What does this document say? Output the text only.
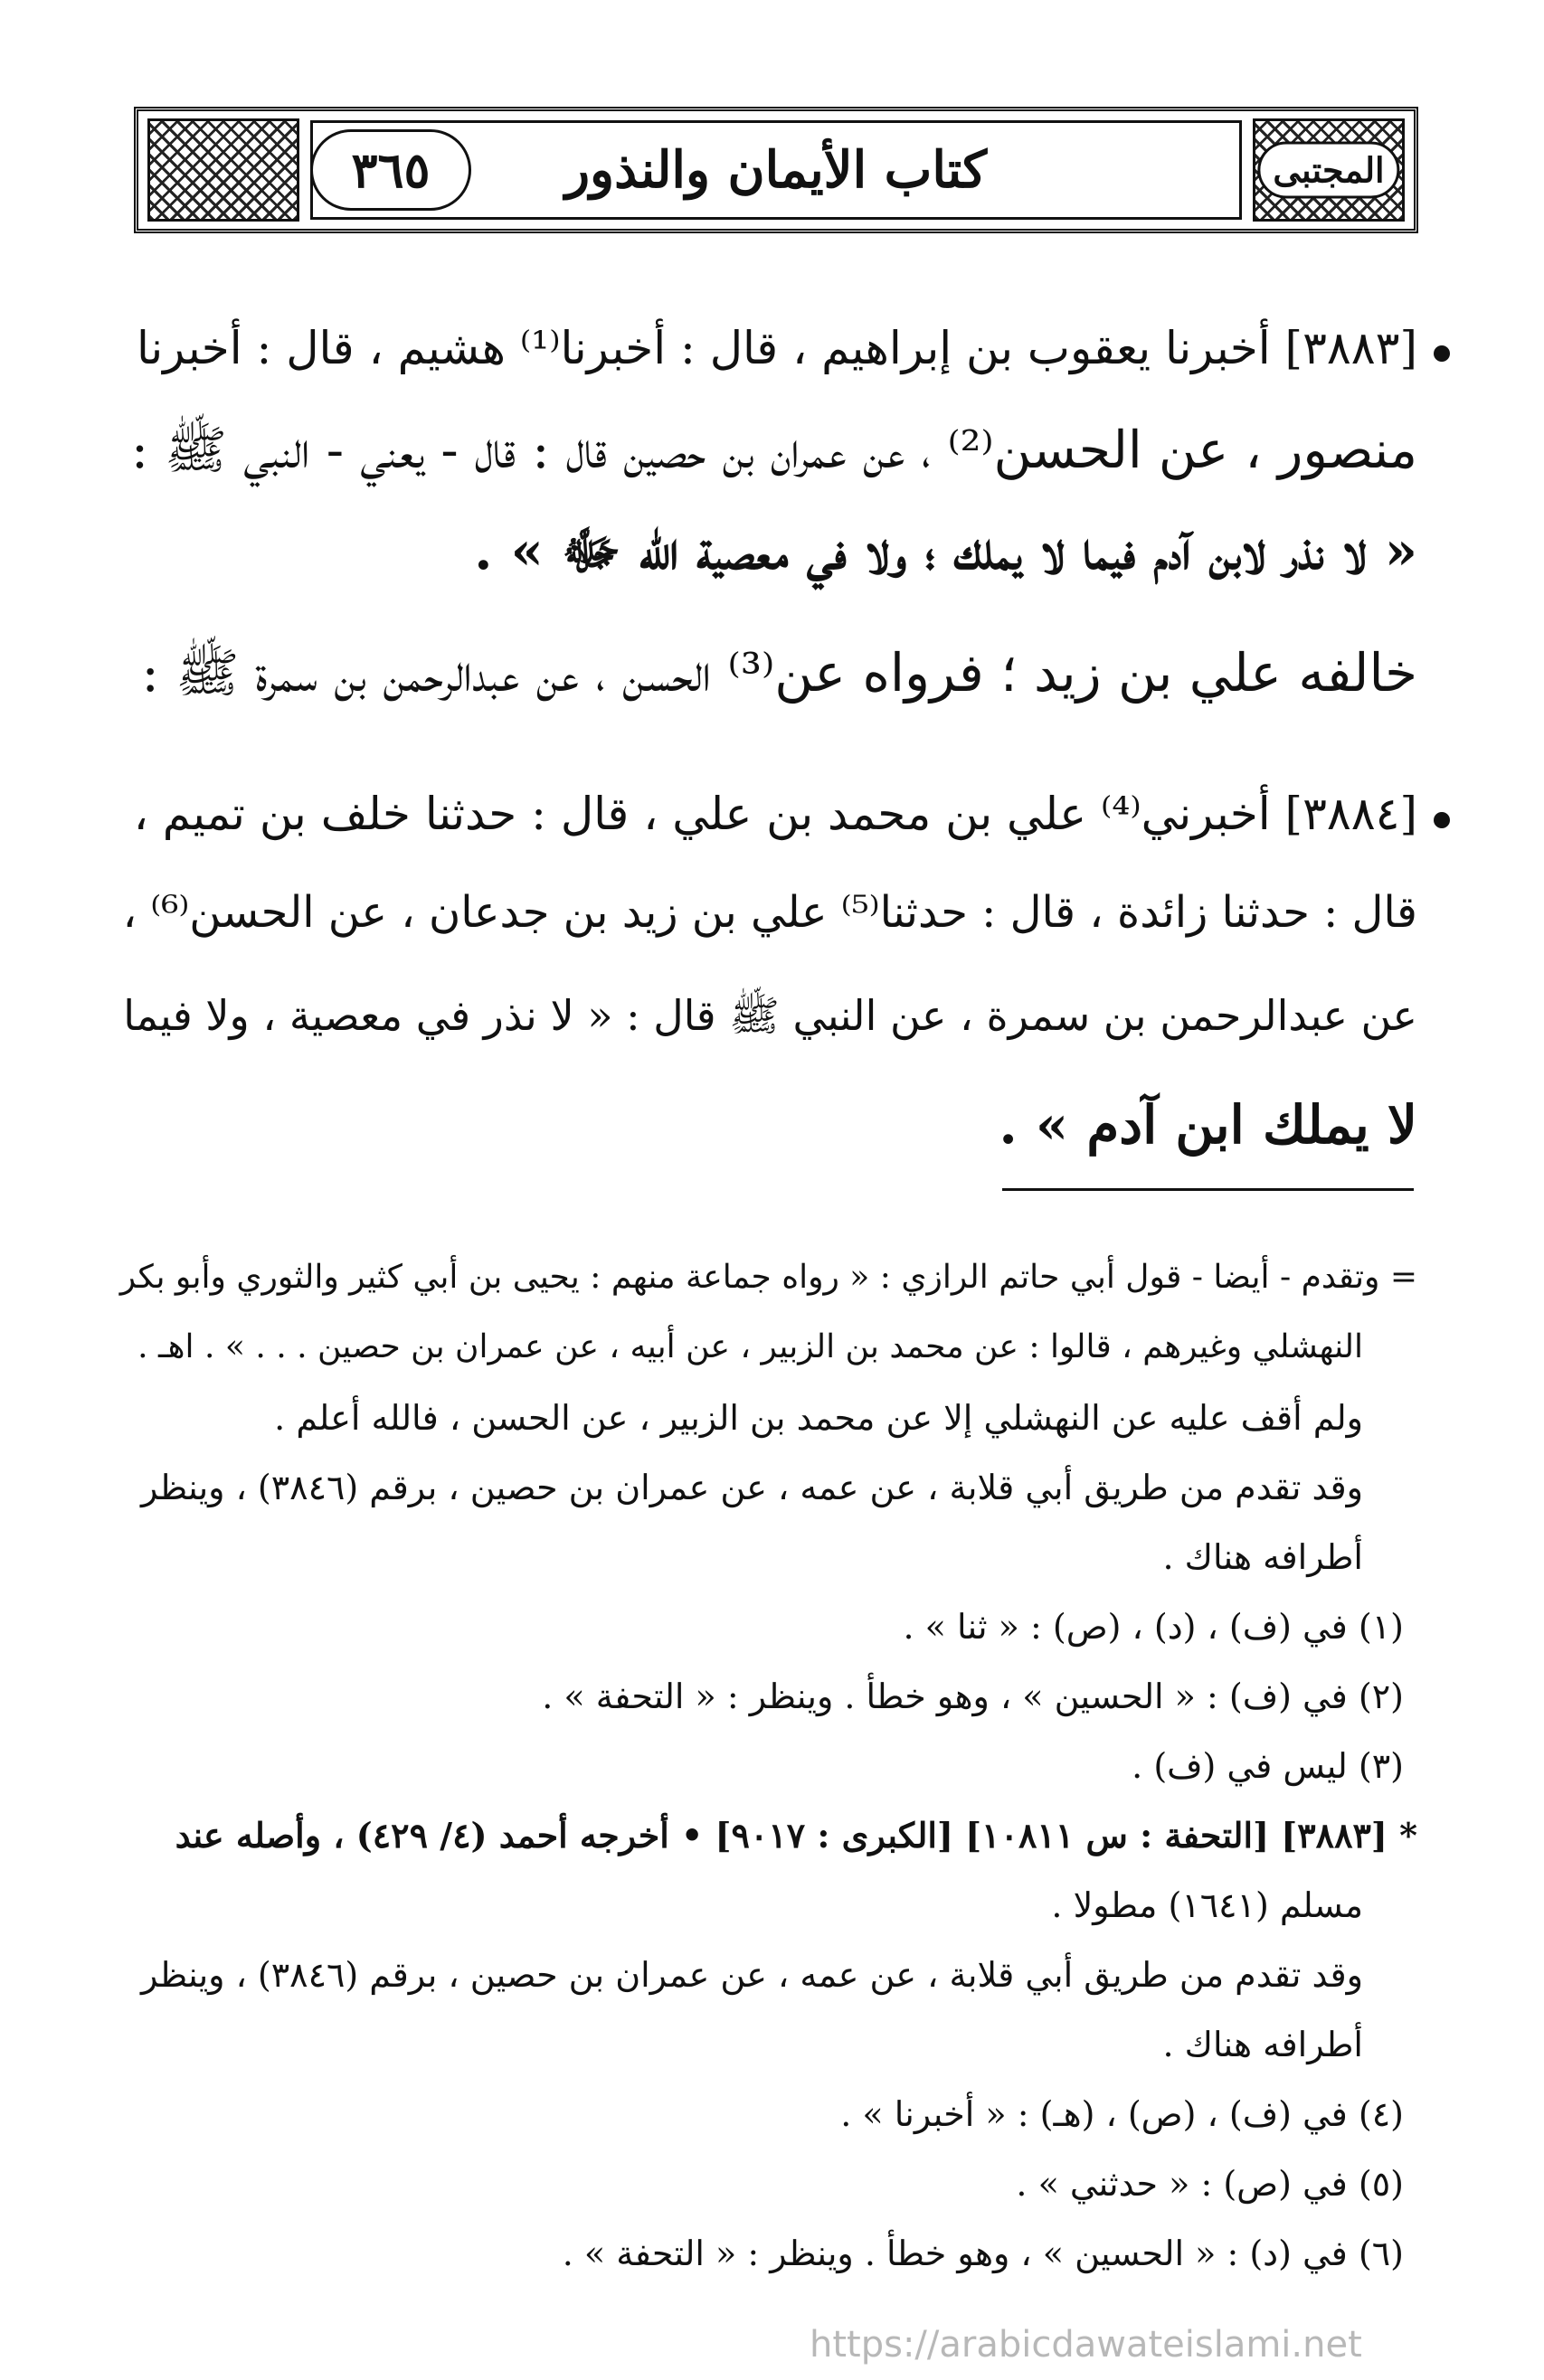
كتاب الأيمان والنذور
٣٦٥	المجتبى
[٣٨٨٣] أخبرنا يعقوب بن إبراهيم ، قال : أخبرنا⁽¹⁾ هشيم ، قال : أخبرنا
منصور ، عن الحسن⁽²⁾ ، عن عمران بن حصين قال : قال - يعني - النبي ﷺ :
« لا نذر لابن آدم فيما لا يملك ؛ ولا في معصية الله ﷻ » .
خالفه علي بن زيد ؛ فرواه عن⁽³⁾ الحسن ، عن عبدالرحمن بن سمرة ﷺ :
[٣٨٨٤] أخبرني⁽⁴⁾ علي بن محمد بن علي ، قال : حدثنا خلف بن تميم ،
قال : حدثنا زائدة ، قال : حدثنا⁽⁵⁾ علي بن زيد بن جدعان ، عن الحسن⁽⁶⁾ ،
عن عبدالرحمن بن سمرة ، عن النبي ﷺ قال : « لا نذر في معصية ، ولا فيما
لا يملك ابن آدم » .
= وتقدم - أيضا - قول أبي حاتم الرازي : « رواه جماعة منهم : يحيى بن أبي كثير والثوري وأبو بكر
النهشلي وغيرهم ، قالوا : عن محمد بن الزبير ، عن أبيه ، عن عمران بن حصين . . . » . اهـ .
ولم أقف عليه عن النهشلي إلا عن محمد بن الزبير ، عن الحسن ، فالله أعلم .
وقد تقدم من طريق أبي قلابة ، عن عمه ، عن عمران بن حصين ، برقم (٣٨٤٦) ، وينظر
أطرافه هناك .
(١) في (ف) ، (د) ، (ص) : « ثنا » .
(٢) في (ف) : « الحسين » ، وهو خطأ . وينظر : « التحفة » .
(٣) ليس في (ف) .
* [٣٨٨٣] [التحفة : س ١٠٨١١] [الكبرى : ٩٠١٧] • أخرجه أحمد (٤/ ٤٢٩) ، وأصله عند
مسلم (١٦٤١) مطولا .
وقد تقدم من طريق أبي قلابة ، عن عمه ، عن عمران بن حصين ، برقم (٣٨٤٦) ، وينظر
أطرافه هناك .
(٤) في (ف) ، (ص) ، (هـ) : « أخبرنا » .
(٥) في (ص) : « حدثني » .
(٦) في (د) : « الحسين » ، وهو خطأ . وينظر : « التحفة » .
https://arabicdawateislami.net
